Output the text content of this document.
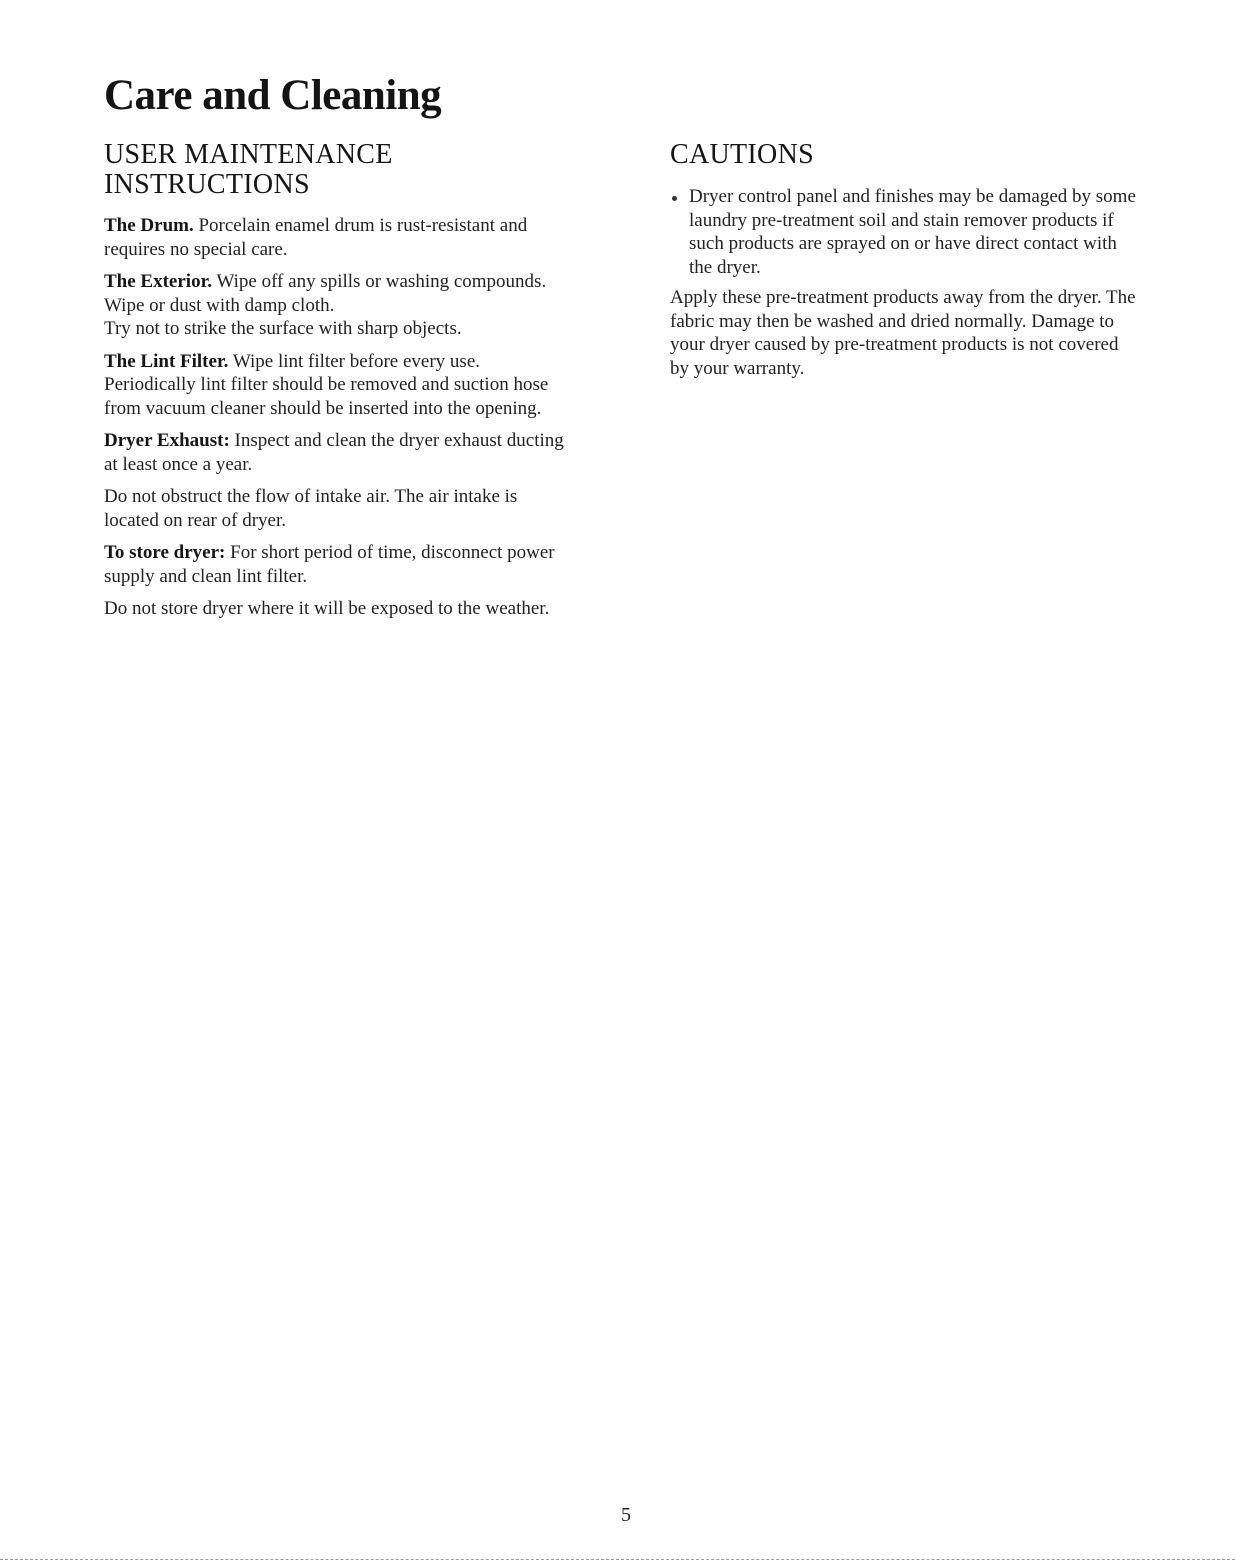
Care and Cleaning
USER MAINTENANCE
INSTRUCTIONS

The Drum. Porcelain enamel drum is rust-resistant and requires no special care.

The Exterior. Wipe off any spills or washing compounds. Wipe or dust with damp cloth.
Try not to strike the surface with sharp objects.

The Lint Filter. Wipe lint filter before every use. Periodically lint filter should be removed and suction hose from vacuum cleaner should be inserted into the opening.

Dryer Exhaust: Inspect and clean the dryer exhaust ducting at least once a year.

Do not obstruct the flow of intake air. The air intake is located on rear of dryer.

To store dryer: For short period of time, disconnect power supply and clean lint filter.

Do not store dryer where it will be exposed to the weather.

CAUTIONS
Dryer control panel and finishes may be damaged by some laundry pre-treatment soil and stain remover products if such products are sprayed on or have direct contact with the dryer.

Apply these pre-treatment products away from the dryer. The fabric may then be washed and dried normally. Damage to your dryer caused by pre-treatment products is not covered by your warranty.

5
